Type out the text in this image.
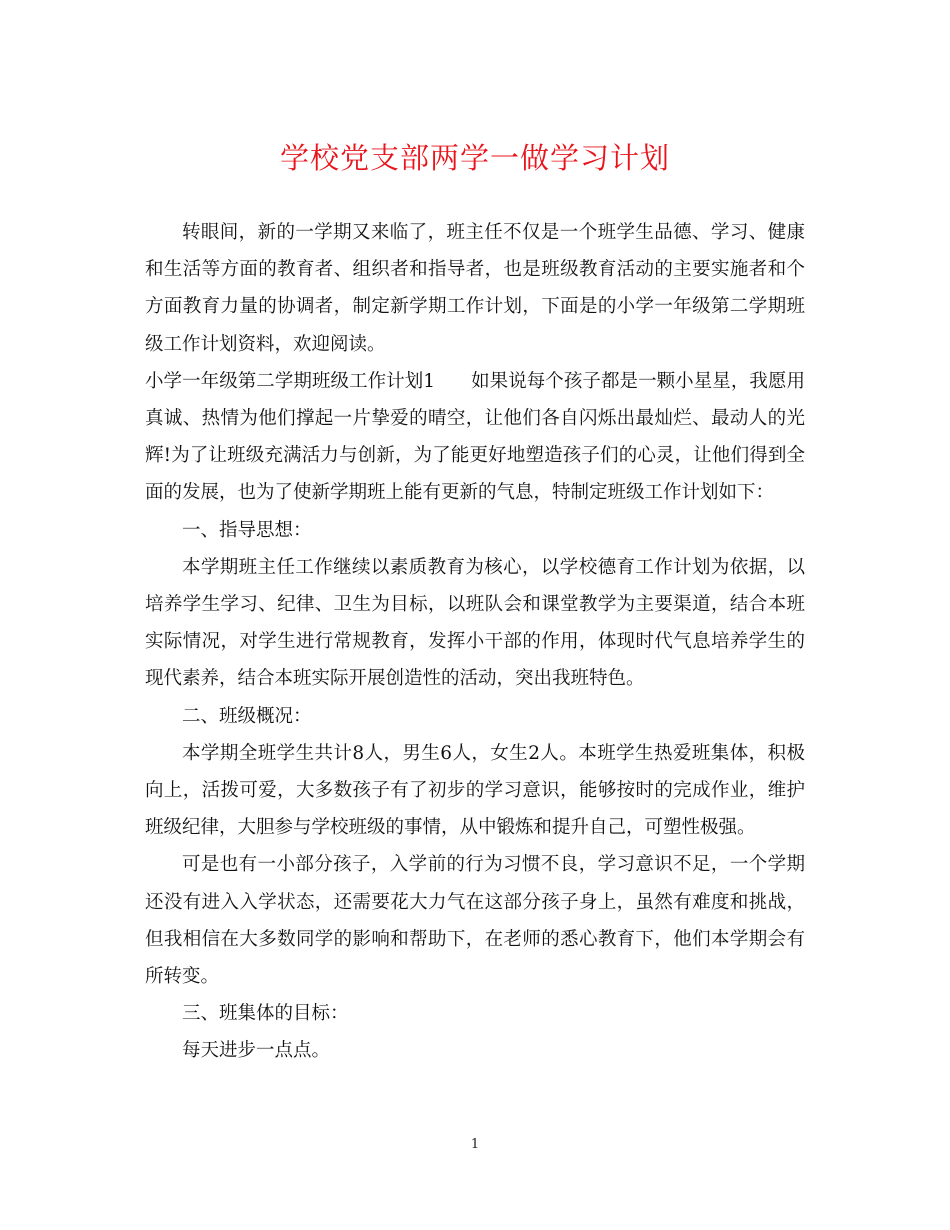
学校党支部两学一做学习计划

转眼间，新的一学期又来临了，班主任不仅是一个班学生品德、学习、健康和生活等方面的教育者、组织者和指导者，也是班级教育活动的主要实施者和个方面教育力量的协调者，制定新学期工作计划，下面是的小学一年级第二学期班级工作计划资料，欢迎阅读。

小学一年级第二学期班级工作计划1 如果说每个孩子都是一颗小星星，我愿用真诚、热情为他们撑起一片挚爱的晴空，让他们各自闪烁出最灿烂、最动人的光辉!为了让班级充满活力与创新，为了能更好地塑造孩子们的心灵，让他们得到全面的发展，也为了使新学期班上能有更新的气息，特制定班级工作计划如下：

一、指导思想：

本学期班主任工作继续以素质教育为核心，以学校德育工作计划为依据，以培养学生学习、纪律、卫生为目标，以班队会和课堂教学为主要渠道，结合本班实际情况，对学生进行常规教育，发挥小干部的作用，体现时代气息培养学生的现代素养，结合本班实际开展创造性的活动，突出我班特色。

二、班级概况：

本学期全班学生共计8人，男生6人，女生2人。本班学生热爱班集体，积极向上，活拨可爱，大多数孩子有了初步的学习意识，能够按时的完成作业，维护班级纪律，大胆参与学校班级的事情，从中锻炼和提升自己，可塑性极强。

可是也有一小部分孩子，入学前的行为习惯不良，学习意识不足，一个学期还没有进入入学状态，还需要花大力气在这部分孩子身上，虽然有难度和挑战，但我相信在大多数同学的影响和帮助下，在老师的悉心教育下，他们本学期会有所转变。

三、班集体的目标：

每天进步一点点。

1
